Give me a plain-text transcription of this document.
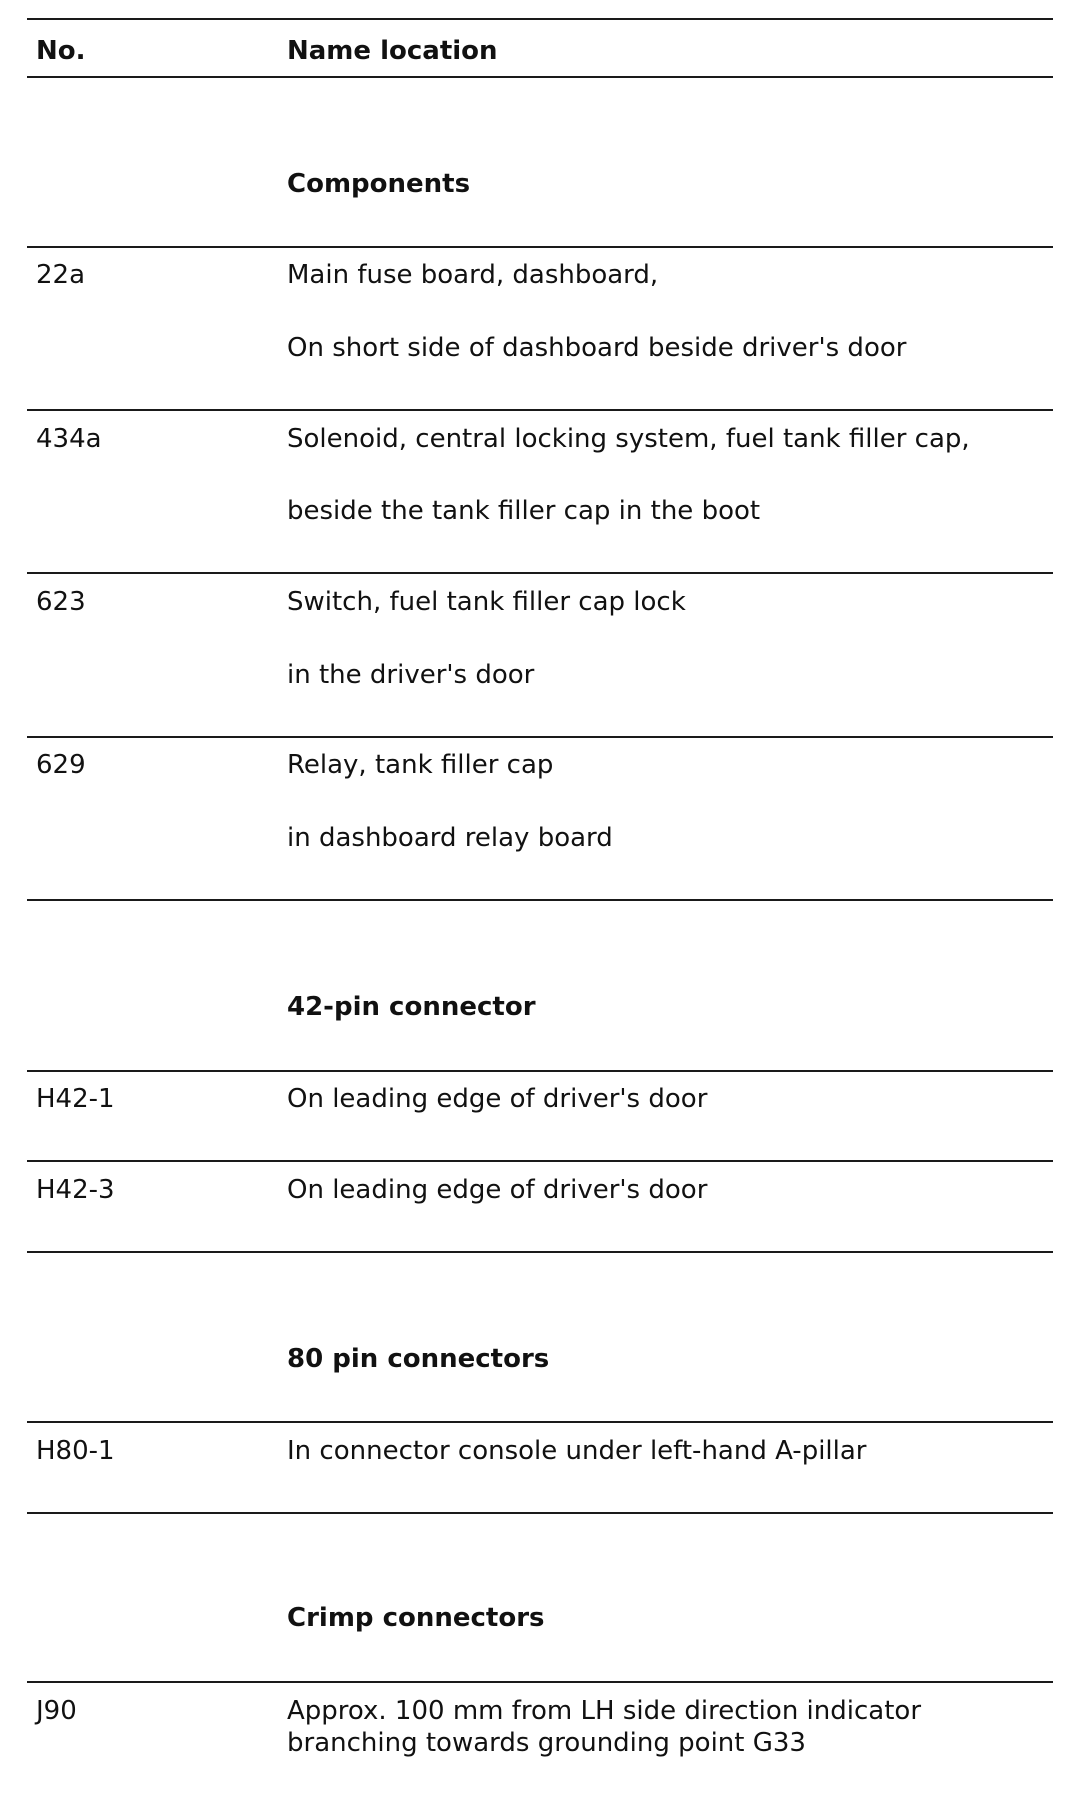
No.	Name location
Components
22a	Main fuse board, dashboard,
On short side of dashboard beside driver's door
434a	Solenoid, central locking system, fuel tank filler cap,
beside the tank filler cap in the boot
623	Switch, fuel tank filler cap lock
in the driver's door
629	Relay, tank filler cap
in dashboard relay board
42-pin connector
H42-1	On leading edge of driver's door
H42-3	On leading edge of driver's door
80 pin connectors
H80-1	In connector console under left-hand A-pillar
Crimp connectors
J90	Approx. 100 mm from LH side direction indicator branching towards grounding point G33
